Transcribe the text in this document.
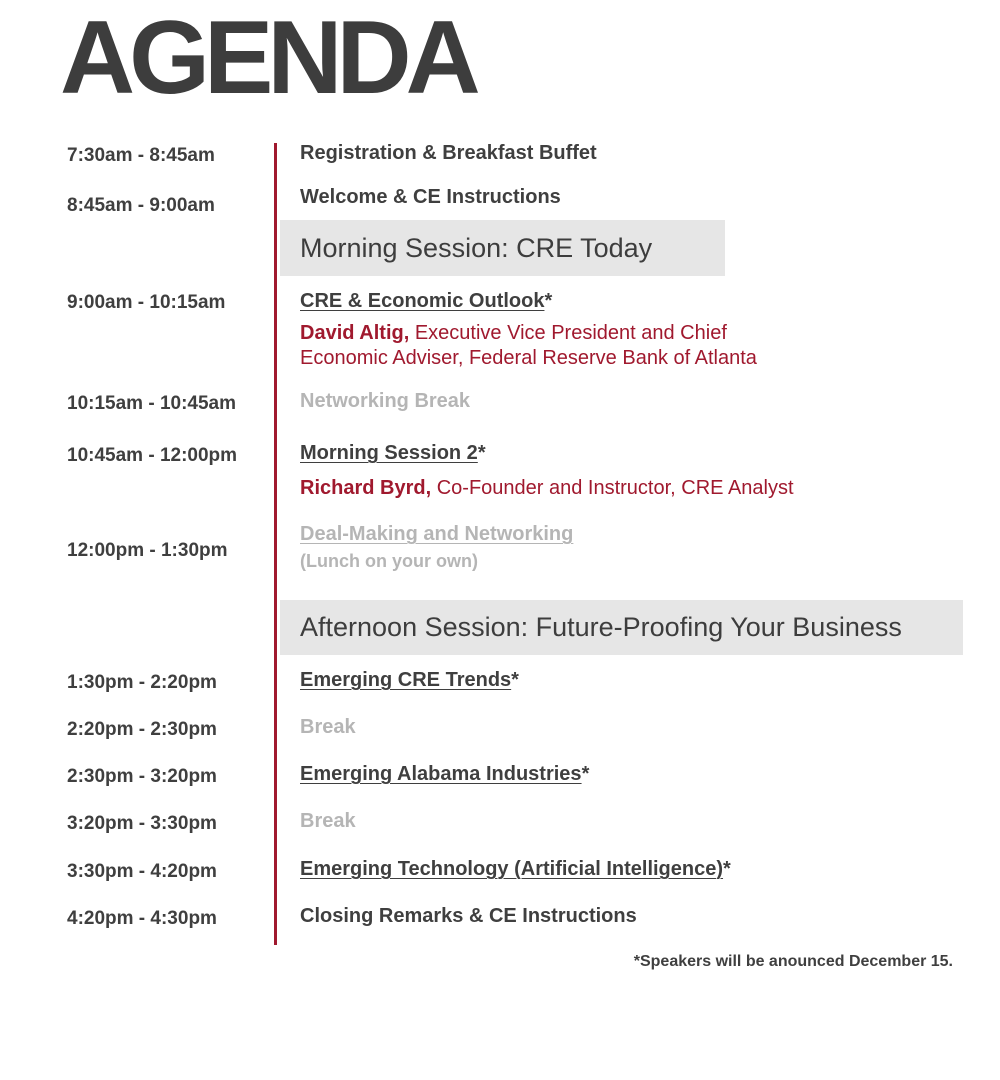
AGENDA
7:30am - 8:45am
8:45am - 9:00am
9:00am - 10:15am
10:15am - 10:45am
10:45am - 12:00pm
12:00pm - 1:30pm
1:30pm - 2:20pm
2:20pm - 2:30pm
2:30pm - 3:20pm
3:20pm - 3:30pm
3:30pm - 4:20pm
4:20pm - 4:30pm
Registration & Breakfast Buffet
Welcome & CE Instructions
Morning Session: CRE Today
CRE & Economic Outlook*
David Altig, Executive Vice President and Chief
Economic Adviser, Federal Reserve Bank of Atlanta
Networking Break
Morning Session 2*
Richard Byrd, Co-Founder and Instructor, CRE Analyst
Deal-Making and Networking
(Lunch on your own)
Afternoon Session: Future-Proofing Your Business
Emerging CRE Trends*
Break
Emerging Alabama Industries*
Break
Emerging Technology (Artificial Intelligence)*
Closing Remarks & CE Instructions
*Speakers will be anounced December 15.
